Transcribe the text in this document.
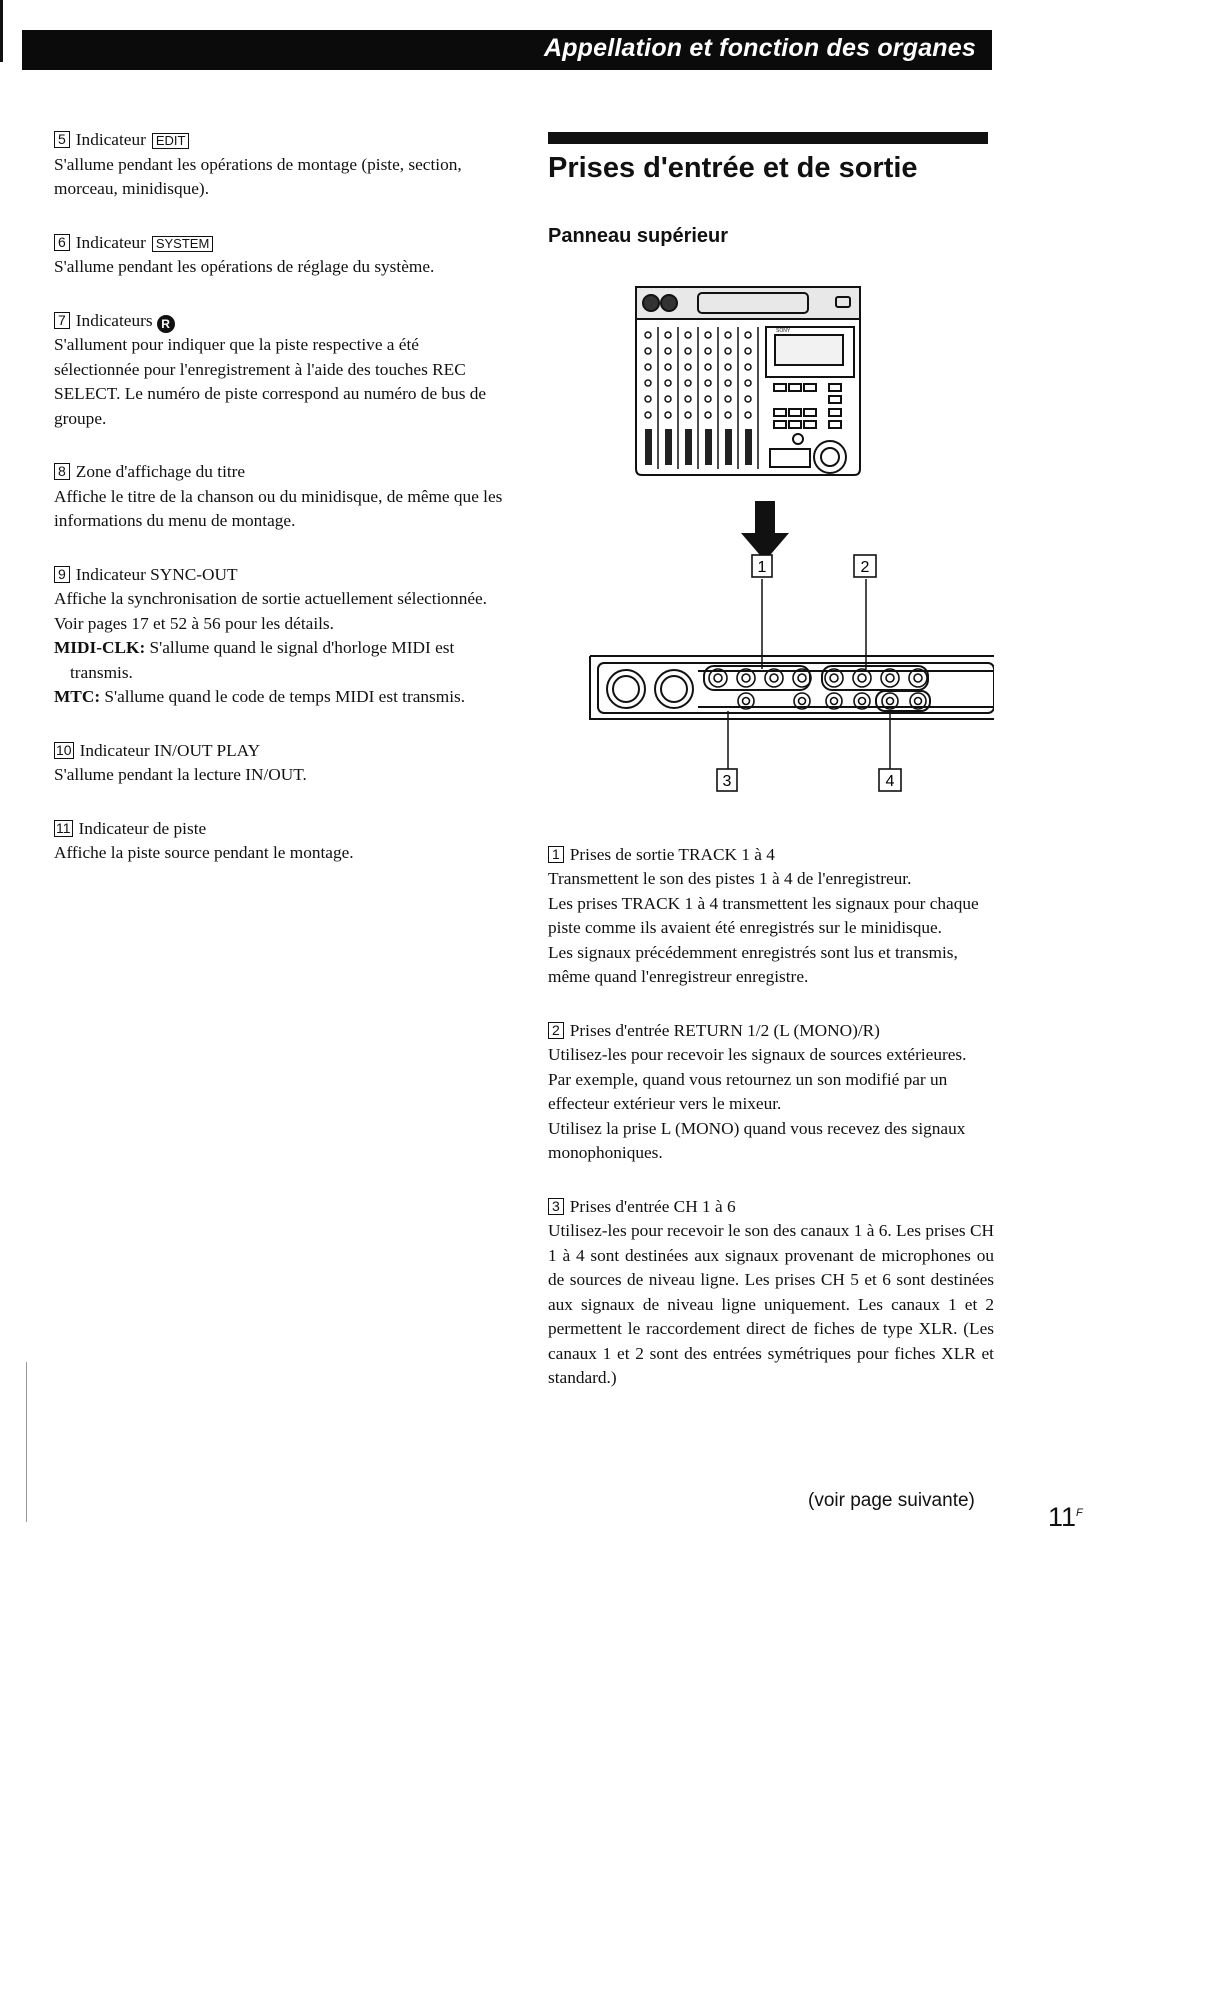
Appellation et fonction des organes
5 Indicateur EDIT
S'allume pendant les opérations de montage (piste, section, morceau, minidisque).
6 Indicateur SYSTEM
S'allume pendant les opérations de réglage du système.
7 Indicateurs R
S'allument pour indiquer que la piste respective a été sélectionnée pour l'enregistrement à l'aide des touches REC SELECT. Le numéro de piste correspond au numéro de bus de groupe.
8 Zone d'affichage du titre
Affiche le titre de la chanson ou du minidisque, de même que les informations du menu de montage.
9 Indicateur SYNC-OUT
Affiche la synchronisation de sortie actuellement sélectionnée.
Voir pages 17 et 52 à 56 pour les détails.
MIDI-CLK: S'allume quand le signal d'horloge MIDI est transmis.
MTC: S'allume quand le code de temps MIDI est transmis.
10 Indicateur IN/OUT PLAY
S'allume pendant la lecture IN/OUT.
11 Indicateur de piste
Affiche la piste source pendant le montage.
Prises d'entrée et de sortie
Panneau supérieur
SONY
1	2
3	4
1 Prises de sortie TRACK 1 à 4
Transmettent le son des pistes 1 à 4 de l'enregistreur.
Les prises TRACK 1 à 4 transmettent les signaux pour chaque piste comme ils avaient été enregistrés sur le minidisque.
Les signaux précédemment enregistrés sont lus et transmis, même quand l'enregistreur enregistre.
2 Prises d'entrée RETURN 1/2 (L (MONO)/R)
Utilisez-les pour recevoir les signaux de sources extérieures.
Par exemple, quand vous retournez un son modifié par un effecteur extérieur vers le mixeur.
Utilisez la prise L (MONO) quand vous recevez des signaux monophoniques.
3 Prises d'entrée CH 1 à 6
Utilisez-les pour recevoir le son des canaux 1 à 6. Les prises CH 1 à 4 sont destinées aux signaux provenant de microphones ou de sources de niveau ligne. Les prises CH 5 et 6 sont destinées aux signaux de niveau ligne uniquement. Les canaux 1 et 2 permettent le raccordement direct de fiches de type XLR. (Les canaux 1 et 2 sont des entrées symétriques pour fiches XLR et standard.)
(voir page suivante)
$11^F$
